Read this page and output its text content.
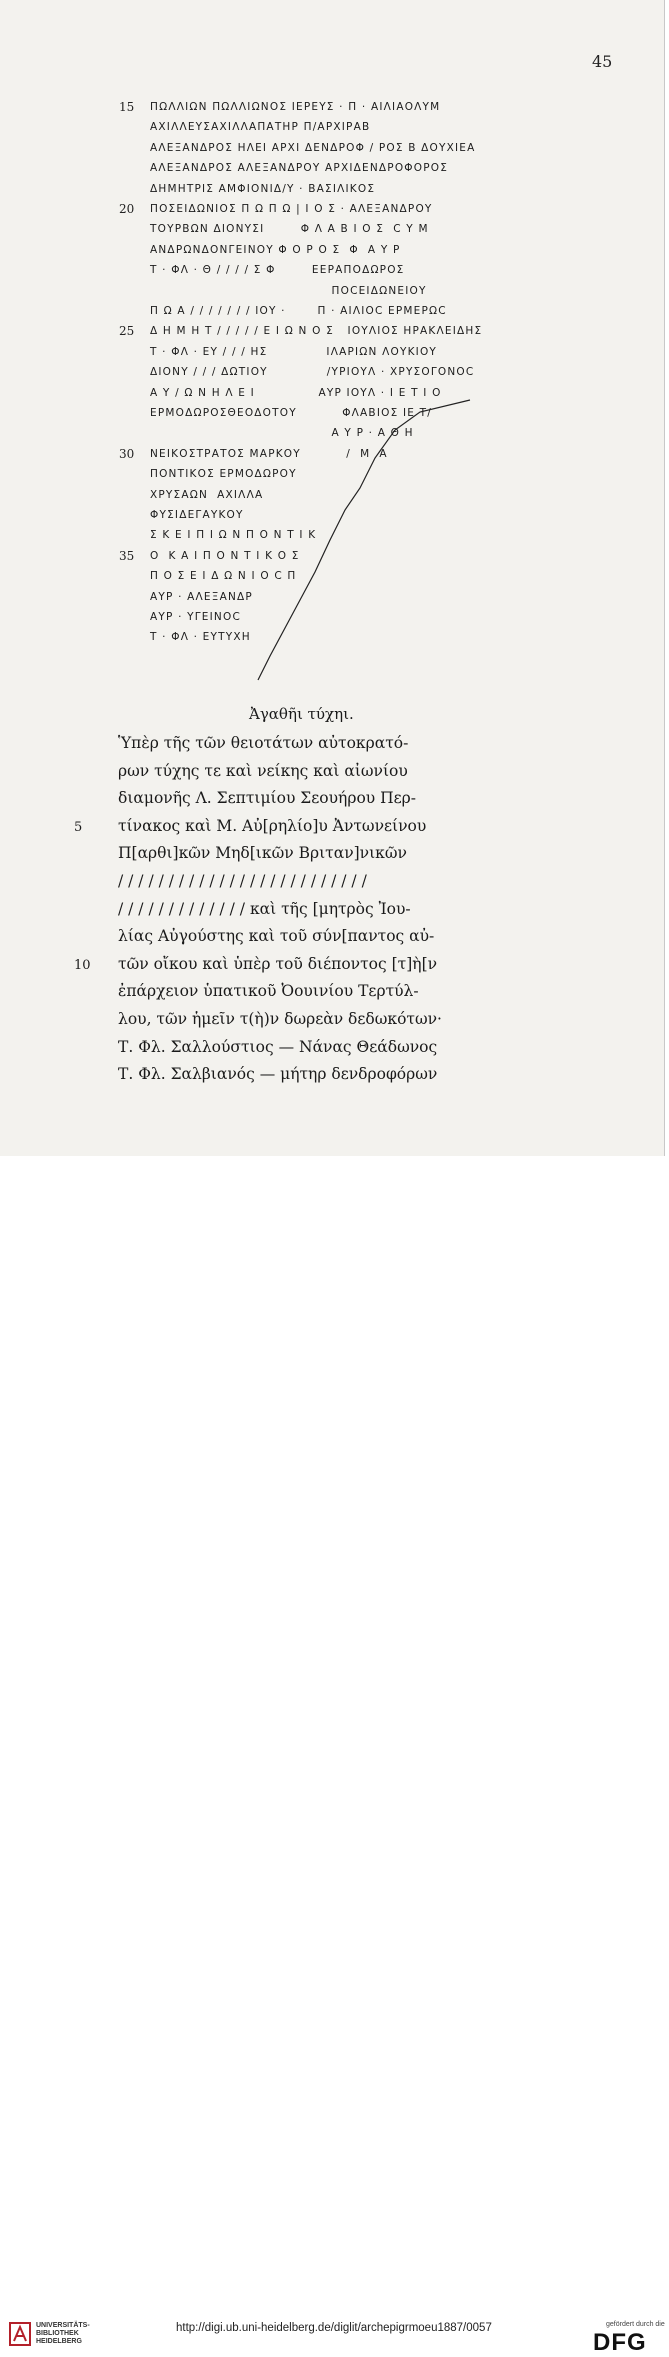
45
15 ΠΩΛΛΙΩΝ ΠΩΛΛΙΩΝΟΣ ΙΕΡΕΥΣ · Π · ΑΙΛΙΑΟΛΥΜ
ΑΧΙΛΛΕΥΣΑΧΙΛΛΑΠΑΤΗΡ Π/ΑΡΧΙΡΑΒ
ΑΛΕΞΑΝΔΡΟΣ ΗΛΕΙ ΑΡΧΙ ΔΕΝΔΡΟΦ / ΡΟΣ Β ΔΟΥΧΙΕΑ
ΑΛΕΞΑΝΔΡΟΣ ΑΛΕΞΑΝΔΡΟΥ ΑΡΧΙΔΕΝΔΡΟΦΟΡΟΣ
ΔΗΜΗΤΡΙΣ ΑΜΦΙΟΝΙΔ/Υ · ΒΑΣΙΛΙΚΟΣ
20 ΠΟΣΕΙΔΩΝΙΟΣ Π Ω Π Ω | Ι Ο Σ · ΑΛΕΞΑΝΔΡΟΥ
ΤΟΥΡΒΩΝ ΔΙΟΝΥΣΙ        Φ Λ Α Β Ι Ο Σ  C Υ Μ
ΑΝΔΡΩΝΔΟΝΓΕΙΝΟΥ Φ Ο Ρ Ο Σ  Φ  Α Υ Ρ
Τ · ΦΛ · Θ / / / / Σ Φ        ΕΕΡΑΠΟΔΩΡΟΣ
ΠΟCΕΙΔΩΝΕΙΟΥ
Π Ω Α / / / / / / / ΙΟΥ ·       Π · ΑΙΛΙΟC ΕΡΜΕΡΩC
25 Δ Η Μ Η Τ / / / / / Ε Ι Ω Ν Ο Σ   ΙΟΥΛΙΟΣ ΗΡΑΚΛΕΙΔΗΣ
Τ · ΦΛ · ΕΥ / / / ΗΣ             ΙΛΑΡΙΩΝ ΛΟΥΚΙΟΥ
ΔΙΟΝΥ / / / ΔΩΤΙΟΥ             /ΥΡΙΟΥΛ · ΧΡΥΣΟΓΟΝΟC
Α Υ / Ω Ν Η Λ Ε Ι              ΑΥΡ ΙΟΥΛ · Ι Ε Τ Ι Ο
ΕΡΜΟΔΩΡΟΣΘΕΟΔΟΤΟΥ          ΦΛΑΒΙΟΣ ΙΕ Τ/
Α Υ Ρ · Α Θ Η
30 ΝΕΙΚΟΣΤΡΑΤΟΣ ΜΑΡΚΟΥ          /  Μ  Α
ΠΟΝΤΙΚΟΣ ΕΡΜΟΔΩΡΟΥ
ΧΡΥΣΑΩΝ  ΑΧΙΛΛΑ
ΦΥΣΙΔΕΓΑΥΚΟΥ
Σ Κ Ε Ι Π Ι Ω Ν Π Ο Ν Τ Ι Κ
35 Ο  Κ Α Ι Π Ο Ν Τ Ι Κ Ο Σ
Π Ο Σ Ε Ι Δ Ω Ν Ι Ο C Π
ΑΥΡ · ΑΛΕΞΑΝΔΡ
ΑΥΡ · ΥΓΕΙΝΟC
Τ · ΦΛ · ΕΥΤΥΧΗ
Ἀγαθῆι τύχηι.
Ὑπὲρ τῆς τῶν θειοτάτων αὐτοκρατό-
ρων τύχης τε καὶ νείκης καὶ αἰωνίου
διαμονῆς Λ. Σεπτιμίου Σεουήρου Περ-
5 τίνακος καὶ Μ. Αὐ[ρηλίο]υ Ἀντωνείνου
Π[αρθι]κῶν Μηδ[ικῶν Βριταν]νικῶν
/ / / / / / / / / / / / / / / / / / / / / / / / /
/ / / / / / / / / / / / / καὶ τῆς [μητρὸς Ἰου-
λίας Αὐγούστης καὶ τοῦ σύν[παντος αὐ-
10 τῶν οἴκου καὶ ὑπὲρ τοῦ διέποντος [τ]ὴ[ν
ἐπάρχειον ὑπατικοῦ Ὀουινίου Τερτύλ-
λου, τῶν ἡμεῖν τ(ὴ)ν δωρεὰν δεδωκότων·
Τ. Φλ. Σαλλούστιος — Νάνας Θεάδωνος
Τ. Φλ. Σαλβιανός — μήτηρ δενδροφόρων
UNIVERSITÄTS-
BIBLIOTHEK
HEIDELBERG
http://digi.ub.uni-heidelberg.de/diglit/archepigrmoeu1887/0057	gefördert durch die
DFG
